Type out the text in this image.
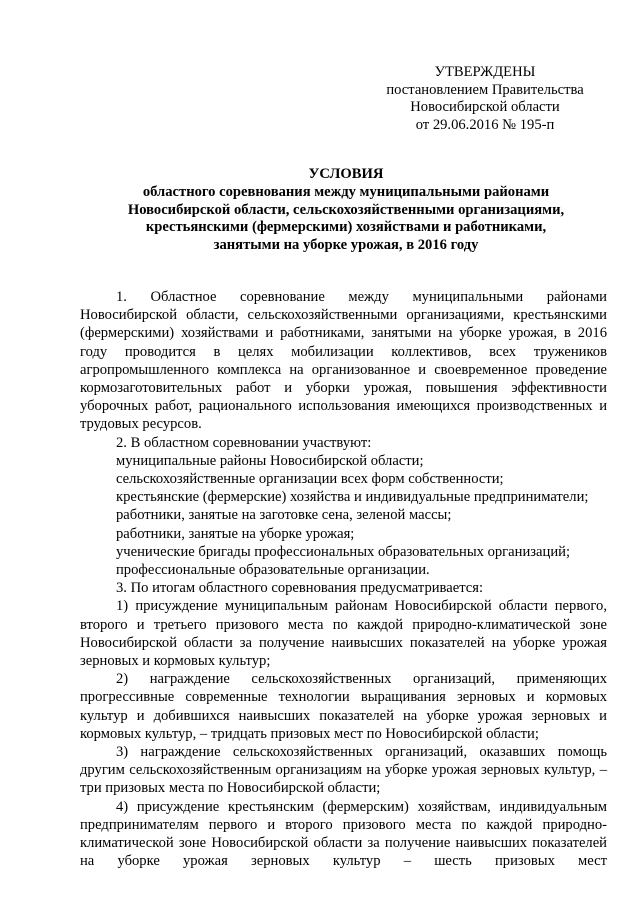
УТВЕРЖДЕНЫ
постановлением Правительства
Новосибирской области
от 29.06.2016 № 195-п
УСЛОВИЯ
областного соревнования между муниципальными районами
Новосибирской области, сельскохозяйственными организациями,
крестьянскими (фермерскими) хозяйствами и работниками,
занятыми на уборке урожая, в 2016 году

1. Областное соревнование между муниципальными районами Новосибирской области, сельскохозяйственными организациями, крестьянскими (фермерскими) хозяйствами и работниками, занятыми на уборке урожая, в 2016 году проводится в целях мобилизации коллективов, всех тружеников агропромышленного комплекса на организованное и своевременное проведение кормозаготовительных работ и уборки урожая, повышения эффективности уборочных работ, рационального использования имеющихся производственных и трудовых ресурсов.

2. В областном соревновании участвуют:

муниципальные районы Новосибирской области;

сельскохозяйственные организации всех форм собственности;

крестьянские (фермерские) хозяйства и индивидуальные предприниматели;

работники, занятые на заготовке сена, зеленой массы;

работники, занятые на уборке урожая;

ученические бригады профессиональных образовательных организаций;

профессиональные образовательные организации.

3. По итогам областного соревнования предусматривается:

1) присуждение муниципальным районам Новосибирской области первого, второго и третьего призового места по каждой природно-климатической зоне Новосибирской области за получение наивысших показателей на уборке урожая зерновых и кормовых культур;

2) награждение сельскохозяйственных организаций, применяющих прогрессивные современные технологии выращивания зерновых и кормовых культур и добившихся наивысших показателей на уборке урожая зерновых и кормовых культур, – тридцать призовых мест по Новосибирской области;

3) награждение сельскохозяйственных организаций, оказавших помощь другим сельскохозяйственным организациям на уборке урожая зерновых культур, – три призовых места по Новосибирской области;

4) присуждение крестьянским (фермерским) хозяйствам, индивидуальным предпринимателям первого и второго призового места по каждой природно-климатической зоне Новосибирской области за получение наивысших показателей на уборке урожая зерновых культур – шесть призовых мест
